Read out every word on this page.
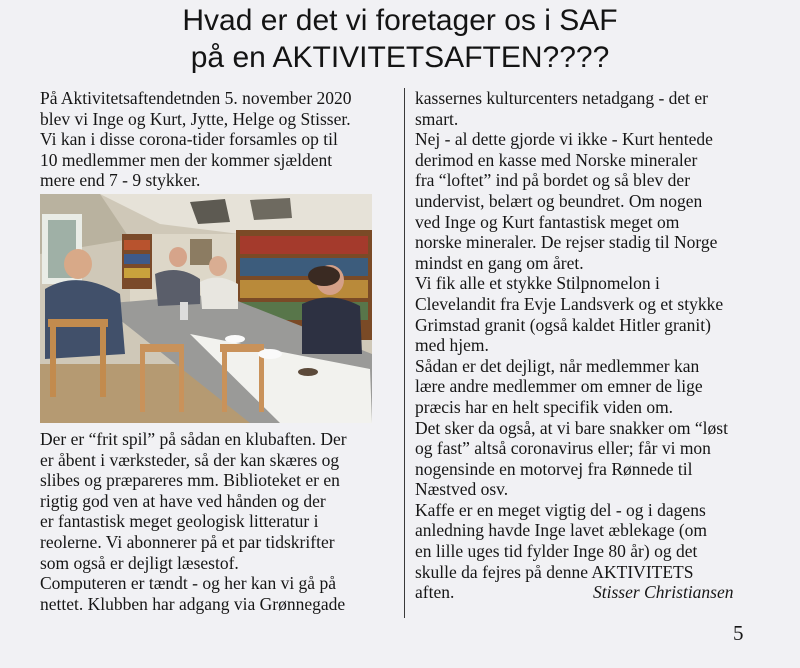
Hvad er det vi foretager os i SAF
på en AKTIVITETSAFTEN????
På Aktivitetsaftendetnden 5. november 2020
blev vi Inge og Kurt, Jytte, Helge og Stisser.
Vi kan i disse corona-tider forsamles op til
10 medlemmer men der kommer sjældent
mere end 7 - 9 stykker.
Der er “frit spil” på sådan en klubaften. Der
er åbent i værksteder, så der kan skæres og
slibes og præpareres mm. Biblioteket er en
rigtig god ven at have ved hånden og der
er fantastisk meget geologisk litteratur i
reolerne. Vi abonnerer på et par tidskrifter
som også er dejligt læsestof.
Computeren er tændt - og her kan vi gå på
nettet. Klubben har adgang via Grønnegade
kassernes kulturcenters netadgang - det er
smart.
Nej - al dette gjorde vi ikke - Kurt hentede
derimod en kasse med Norske mineraler
fra “loftet” ind på bordet og så blev der
undervist, belært og beundret. Om nogen
ved Inge og Kurt fantastisk meget om
norske mineraler. De rejser stadig til Norge
mindst en gang om året.
Vi fik alle et stykke Stilpnomelon i
Clevelandit fra Evje Landsverk og et stykke
Grimstad granit (også kaldet Hitler granit)
med hjem.
Sådan er det dejligt, når medlemmer kan
lære andre medlemmer om emner de lige
præcis har en helt specifik viden om.
Det sker da også, at vi bare snakker om “løst
og fast” altså coronavirus eller; får vi mon
nogensinde en motorvej fra Rønnede til
Næstved osv.
Kaffe er en meget vigtig del - og i dagens
anledning havde Inge lavet æblekage (om
en lille uges tid fylder Inge 80 år) og det
skulle da fejres på denne AKTIVITETS
aften.	Stisser Christiansen
5
